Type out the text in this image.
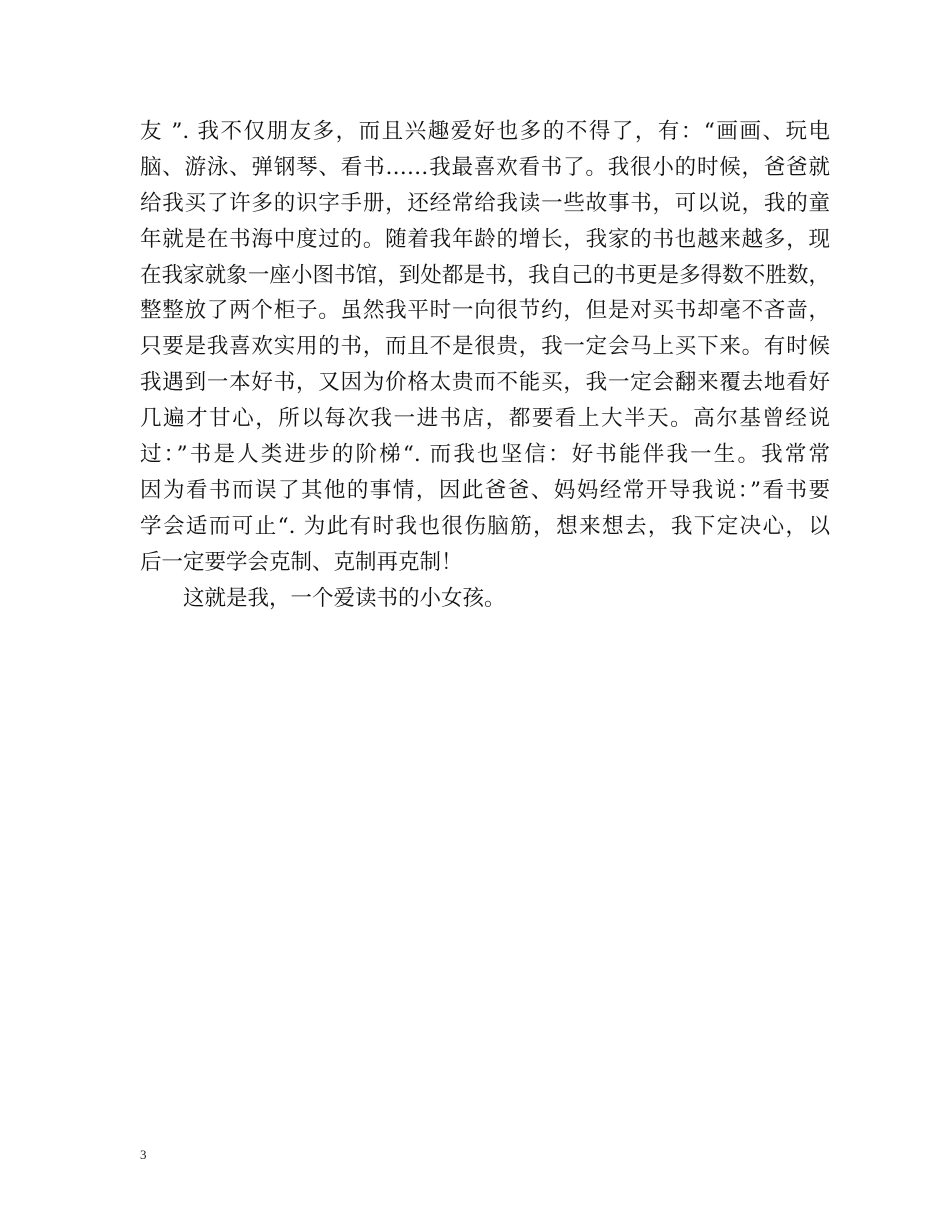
友 ”. 我不仅朋友多，而且兴趣爱好也多的不得了，有：“画画、玩电
脑、游泳、弹钢琴、看书……我最喜欢看书了。我很小的时候，爸爸就
给我买了许多的识字手册，还经常给我读一些故事书，可以说，我的童
年就是在书海中度过的。随着我年龄的增长，我家的书也越来越多，现
在我家就象一座小图书馆，到处都是书，我自己的书更是多得数不胜数，
整整放了两个柜子。虽然我平时一向很节约，但是对买书却毫不吝啬，
只要是我喜欢实用的书，而且不是很贵，我一定会马上买下来。有时候
我遇到一本好书，又因为价格太贵而不能买，我一定会翻来覆去地看好
几遍才甘心，所以每次我一进书店，都要看上大半天。高尔基曾经说
过：”书是人类进步的阶梯“. 而我也坚信：好书能伴我一生。我常常
因为看书而误了其他的事情，因此爸爸、妈妈经常开导我说：”看书要
学会适而可止“. 为此有时我也很伤脑筋，想来想去，我下定决心，以
后一定要学会克制、克制再克制！
这就是我，一个爱读书的小女孩。
3
